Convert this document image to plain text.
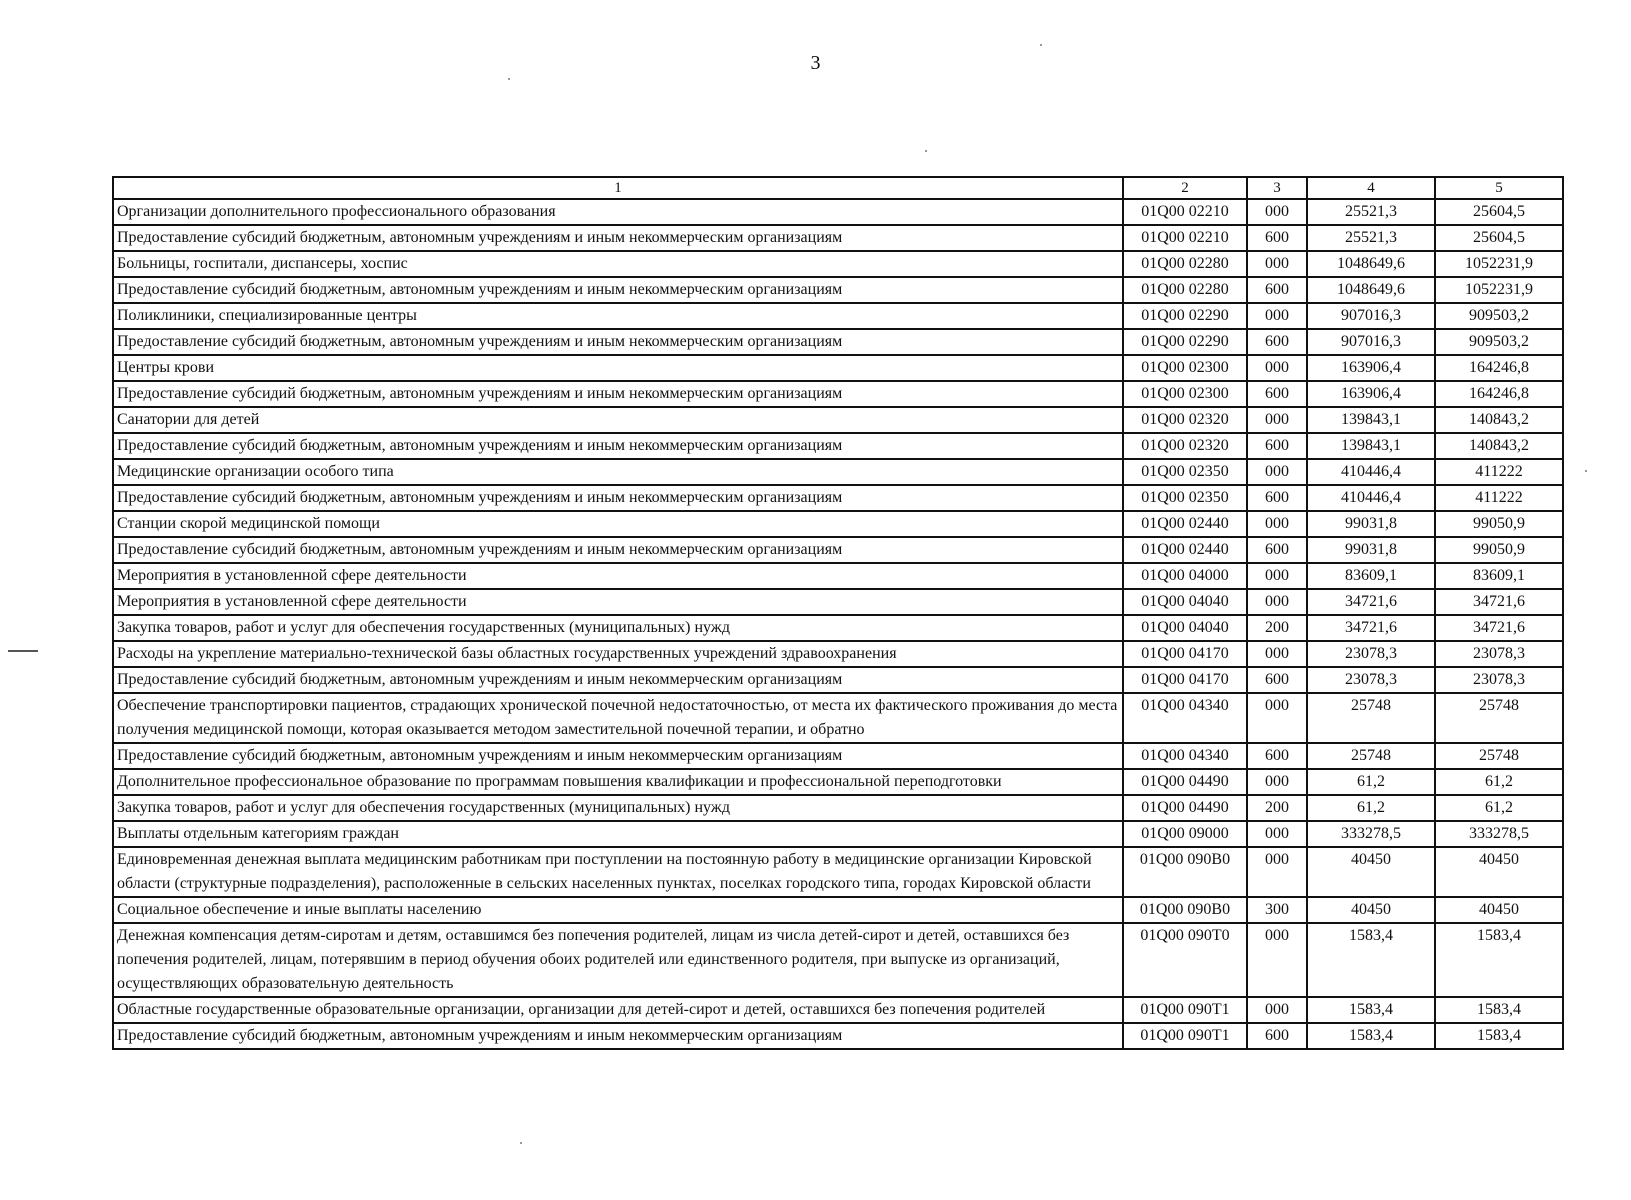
3
1	2	3	4	5
Организации дополнительного профессионального образования	01Q00 02210	000	25521,3	25604,5
Предоставление субсидий бюджетным, автономным учреждениям и иным некоммерческим организациям	01Q00 02210	600	25521,3	25604,5
Больницы, госпитали, диспансеры, хоспис	01Q00 02280	000	1048649,6	1052231,9
Предоставление субсидий бюджетным, автономным учреждениям и иным некоммерческим организациям	01Q00 02280	600	1048649,6	1052231,9
Поликлиники, специализированные центры	01Q00 02290	000	907016,3	909503,2
Предоставление субсидий бюджетным, автономным учреждениям и иным некоммерческим организациям	01Q00 02290	600	907016,3	909503,2
Центры крови	01Q00 02300	000	163906,4	164246,8
Предоставление субсидий бюджетным, автономным учреждениям и иным некоммерческим организациям	01Q00 02300	600	163906,4	164246,8
Санатории для детей	01Q00 02320	000	139843,1	140843,2
Предоставление субсидий бюджетным, автономным учреждениям и иным некоммерческим организациям	01Q00 02320	600	139843,1	140843,2
Медицинские организации особого типа	01Q00 02350	000	410446,4	411222
Предоставление субсидий бюджетным, автономным учреждениям и иным некоммерческим организациям	01Q00 02350	600	410446,4	411222
Станции скорой медицинской помощи	01Q00 02440	000	99031,8	99050,9
Предоставление субсидий бюджетным, автономным учреждениям и иным некоммерческим организациям	01Q00 02440	600	99031,8	99050,9
Мероприятия в установленной сфере деятельности	01Q00 04000	000	83609,1	83609,1
Мероприятия в установленной сфере деятельности	01Q00 04040	000	34721,6	34721,6
Закупка товаров, работ и услуг для обеспечения государственных (муниципальных) нужд	01Q00 04040	200	34721,6	34721,6
Расходы на укрепление материально-технической базы областных государственных учреждений здравоохранения	01Q00 04170	000	23078,3	23078,3
Предоставление субсидий бюджетным, автономным учреждениям и иным некоммерческим организациям	01Q00 04170	600	23078,3	23078,3
Обеспечение транспортировки пациентов, страдающих хронической почечной недостаточностью, от места их фактического проживания до места получения медицинской помощи, которая оказывается методом заместительной почечной терапии, и обратно	01Q00 04340	000	25748	25748
Предоставление субсидий бюджетным, автономным учреждениям и иным некоммерческим организациям	01Q00 04340	600	25748	25748
Дополнительное профессиональное образование по программам повышения квалификации и профессиональной переподготовки	01Q00 04490	000	61,2	61,2
Закупка товаров, работ и услуг для обеспечения государственных (муниципальных) нужд	01Q00 04490	200	61,2	61,2
Выплаты отдельным категориям граждан	01Q00 09000	000	333278,5	333278,5
Единовременная денежная выплата медицинским работникам при поступлении на постоянную работу в медицинские организации Кировской области (структурные подразделения), расположенные в сельских населенных пунктах, поселках городского типа, городах Кировской области	01Q00 090B0	000	40450	40450
Социальное обеспечение и иные выплаты населению	01Q00 090B0	300	40450	40450
Денежная компенсация детям-сиротам и детям, оставшимся без попечения родителей, лицам из числа детей-сирот и детей, оставшихся без попечения родителей, лицам, потерявшим в период обучения обоих родителей или единственного родителя, при выпуске из организаций, осуществляющих образовательную деятельность	01Q00 090T0	000	1583,4	1583,4
Областные государственные образовательные организации, организации для детей-сирот и детей, оставшихся без попечения родителей	01Q00 090T1	000	1583,4	1583,4
Предоставление субсидий бюджетным, автономным учреждениям и иным некоммерческим организациям	01Q00 090T1	600	1583,4	1583,4
